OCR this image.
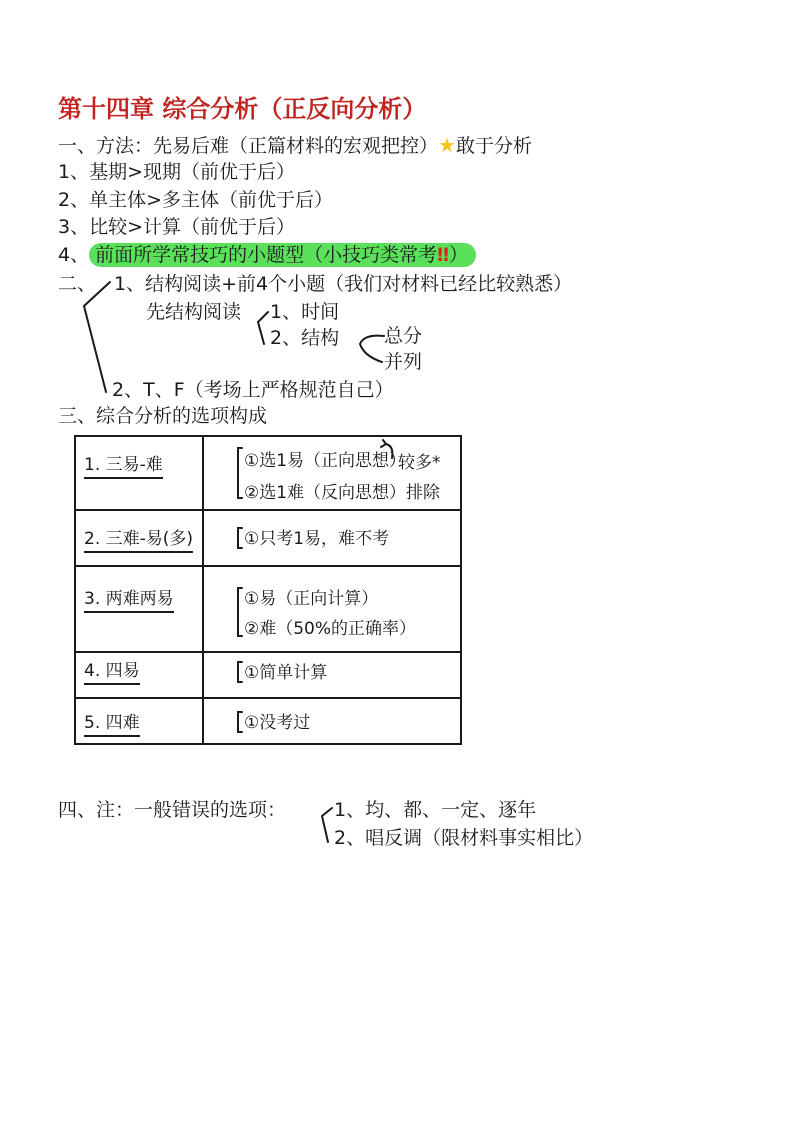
第十四章 综合分析（正反向分析）
一、方法：先易后难（正篇材料的宏观把控）★敢于分析
1、基期>现期（前优于后）
2、单主体>多主体（前优于后）
3、比较>计算（前优于后）
4、 前面所学常技巧的小题型（小技巧类常考‼）
二、 1、结构阅读+前4个小题（我们对材料已经比较熟悉）
先结构阅读 1、时间
2、结构 总分
并列
2、T、F（考场上严格规范自己）
三、综合分析的选项构成
1. 三易-难	①选1易（正向思想）
较多*
②选1难（反向思想）排除
2. 三难-易(多)	①只考1易，难不考
3. 两难两易	①易（正向计算）
②难（50%的正确率）
4. 四易	①简单计算
5. 四难	①没考过
四、注：一般错误的选项：	1、均、都、一定、逐年
2、唱反调（限材料事实相比）
